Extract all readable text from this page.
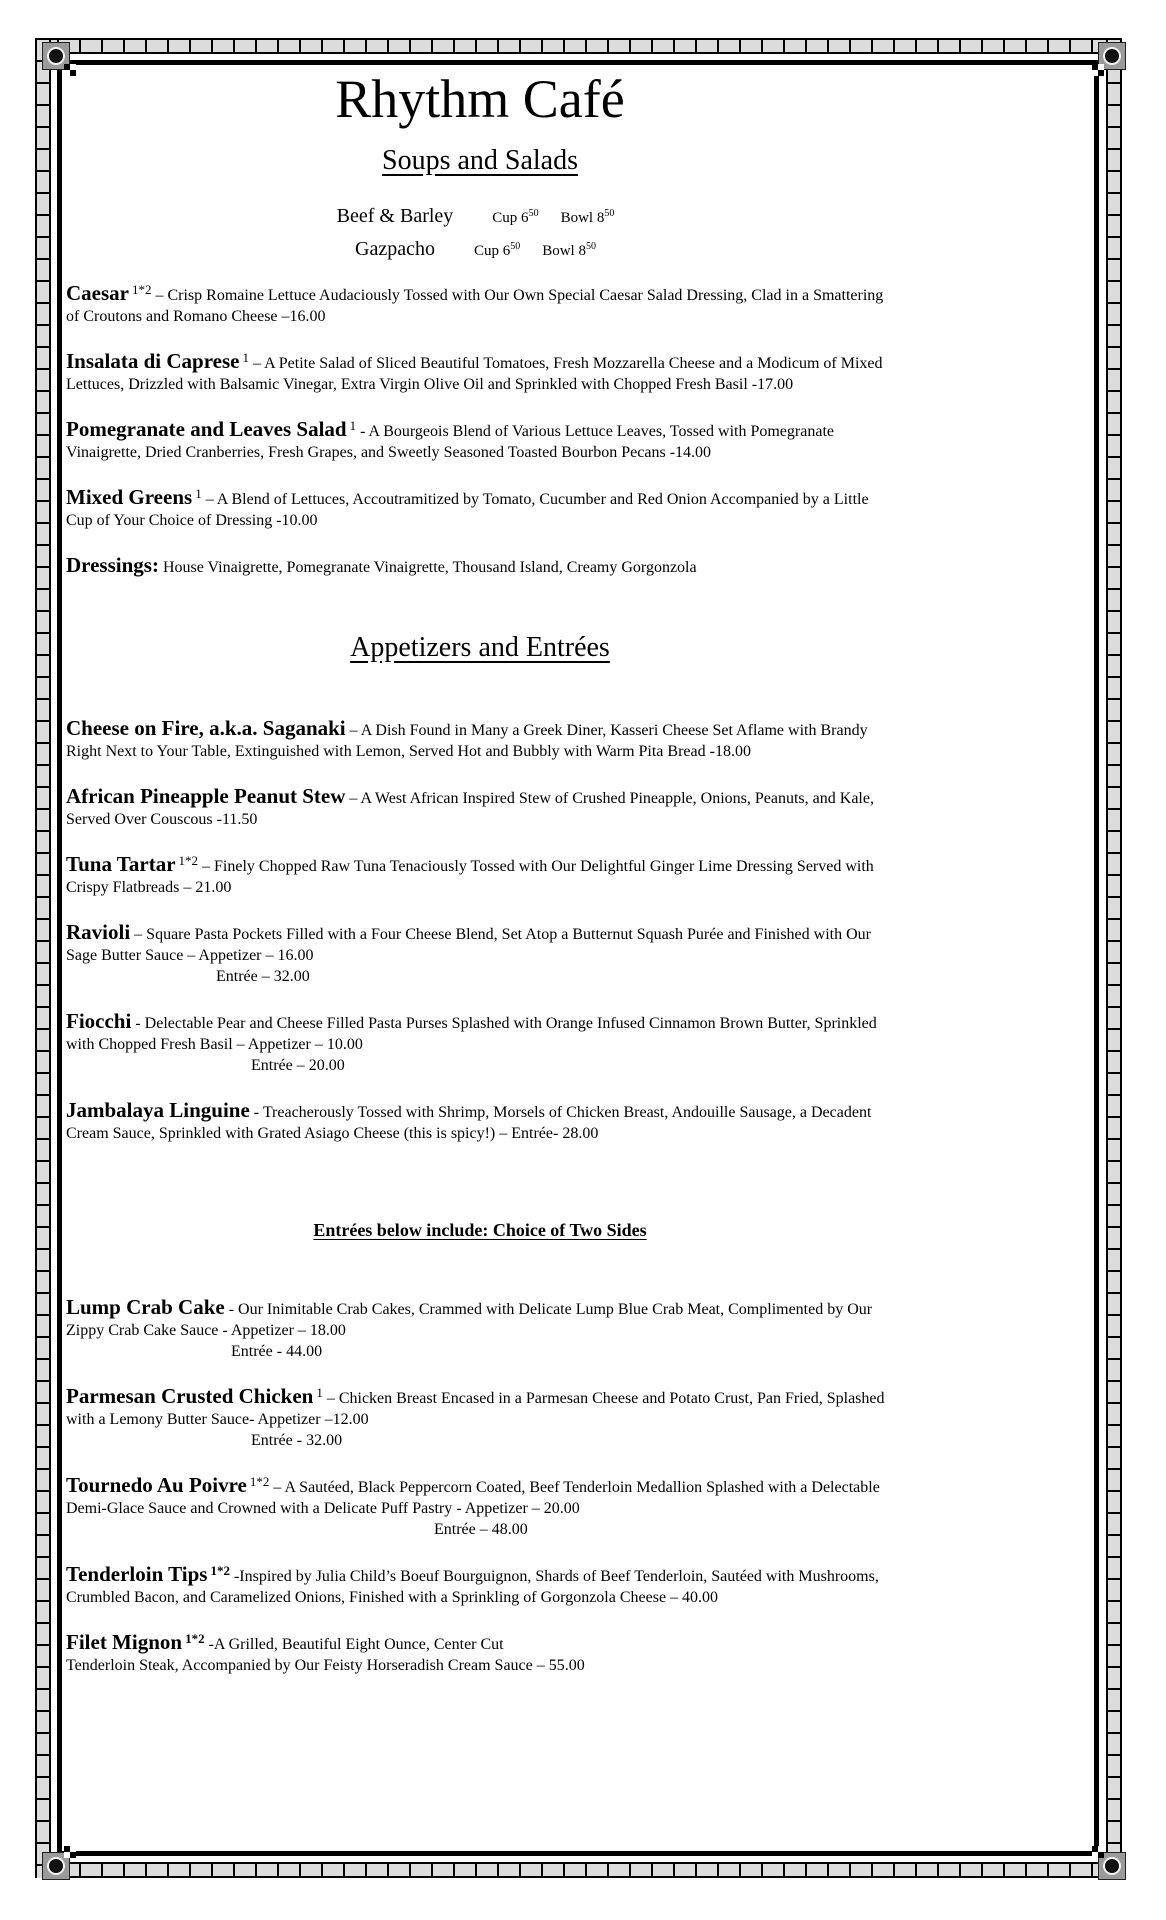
Rhythm Café
Soups and Salads
Beef & Barley	Cup $6^{50}$ Bowl $8^{50}$
Gazpacho	Cup $6^{50}$ Bowl $8^{50}$

Caesar $^{1*2}$ – Crisp Romaine Lettuce Audaciously Tossed with Our Own Special Caesar Salad Dressing, Clad in a Smattering of Croutons and Romano Cheese –16.00

Insalata di Caprese $^1$ – A Petite Salad of Sliced Beautiful Tomatoes, Fresh Mozzarella Cheese and a Modicum of Mixed Lettuces, Drizzled with Balsamic Vinegar, Extra Virgin Olive Oil and Sprinkled with Chopped Fresh Basil -17.00

Pomegranate and Leaves Salad $^1$ - A Bourgeois Blend of Various Lettuce Leaves, Tossed with Pomegranate Vinaigrette, Dried Cranberries, Fresh Grapes, and Sweetly Seasoned Toasted Bourbon Pecans -14.00

Mixed Greens $^1$ – A Blend of Lettuces, Accoutramitized by Tomato, Cucumber and Red Onion Accompanied by a Little Cup of Your Choice of Dressing -10.00

Dressings: House Vinaigrette, Pomegranate Vinaigrette, Thousand Island, Creamy Gorgonzola

Appetizers and Entrées

Cheese on Fire, a.k.a. Saganaki – A Dish Found in Many a Greek Diner, Kasseri Cheese Set Aflame with Brandy Right Next to Your Table, Extinguished with Lemon, Served Hot and Bubbly with Warm Pita Bread -18.00

African Pineapple Peanut Stew – A West African Inspired Stew of Crushed Pineapple, Onions, Peanuts, and Kale, Served Over Couscous -11.50

Tuna Tartar $^{1*2}$ – Finely Chopped Raw Tuna Tenaciously Tossed with Our Delightful Ginger Lime Dressing Served with Crispy Flatbreads – 21.00

Ravioli – Square Pasta Pockets Filled with a Four Cheese Blend, Set Atop a Butternut Squash Purée and Finished with Our Sage Butter Sauce – Appetizer – 16.00
Entrée – 32.00

Fiocchi - Delectable Pear and Cheese Filled Pasta Purses Splashed with Orange Infused Cinnamon Brown Butter, Sprinkled with Chopped Fresh Basil – Appetizer – 10.00
Entrée – 20.00

Jambalaya Linguine - Treacherously Tossed with Shrimp, Morsels of Chicken Breast, Andouille Sausage, a Decadent Cream Sauce, Sprinkled with Grated Asiago Cheese (this is spicy!) – Entrée- 28.00

Entrées below include: Choice of Two Sides

Lump Crab Cake - Our Inimitable Crab Cakes, Crammed with Delicate Lump Blue Crab Meat, Complimented by Our Zippy Crab Cake Sauce - Appetizer – 18.00
Entrée - 44.00

Parmesan Crusted Chicken $^1$ – Chicken Breast Encased in a Parmesan Cheese and Potato Crust, Pan Fried, Splashed with a Lemony Butter Sauce- Appetizer –12.00
Entrée - 32.00

Tournedo Au Poivre $^{1*2}$ – A Sautéed, Black Peppercorn Coated, Beef Tenderloin Medallion Splashed with a Delectable Demi-Glace Sauce and Crowned with a Delicate Puff Pastry - Appetizer – 20.00
Entrée – 48.00

Tenderloin Tips $^{1*2}$ -Inspired by Julia Child’s Boeuf Bourguignon, Shards of Beef Tenderloin, Sautéed with Mushrooms, Crumbled Bacon, and Caramelized Onions, Finished with a Sprinkling of Gorgonzola Cheese – 40.00

Filet Mignon $^{1*2}$ -A Grilled, Beautiful Eight Ounce, Center Cut
Tenderloin Steak, Accompanied by Our Feisty Horseradish Cream Sauce – 55.00
